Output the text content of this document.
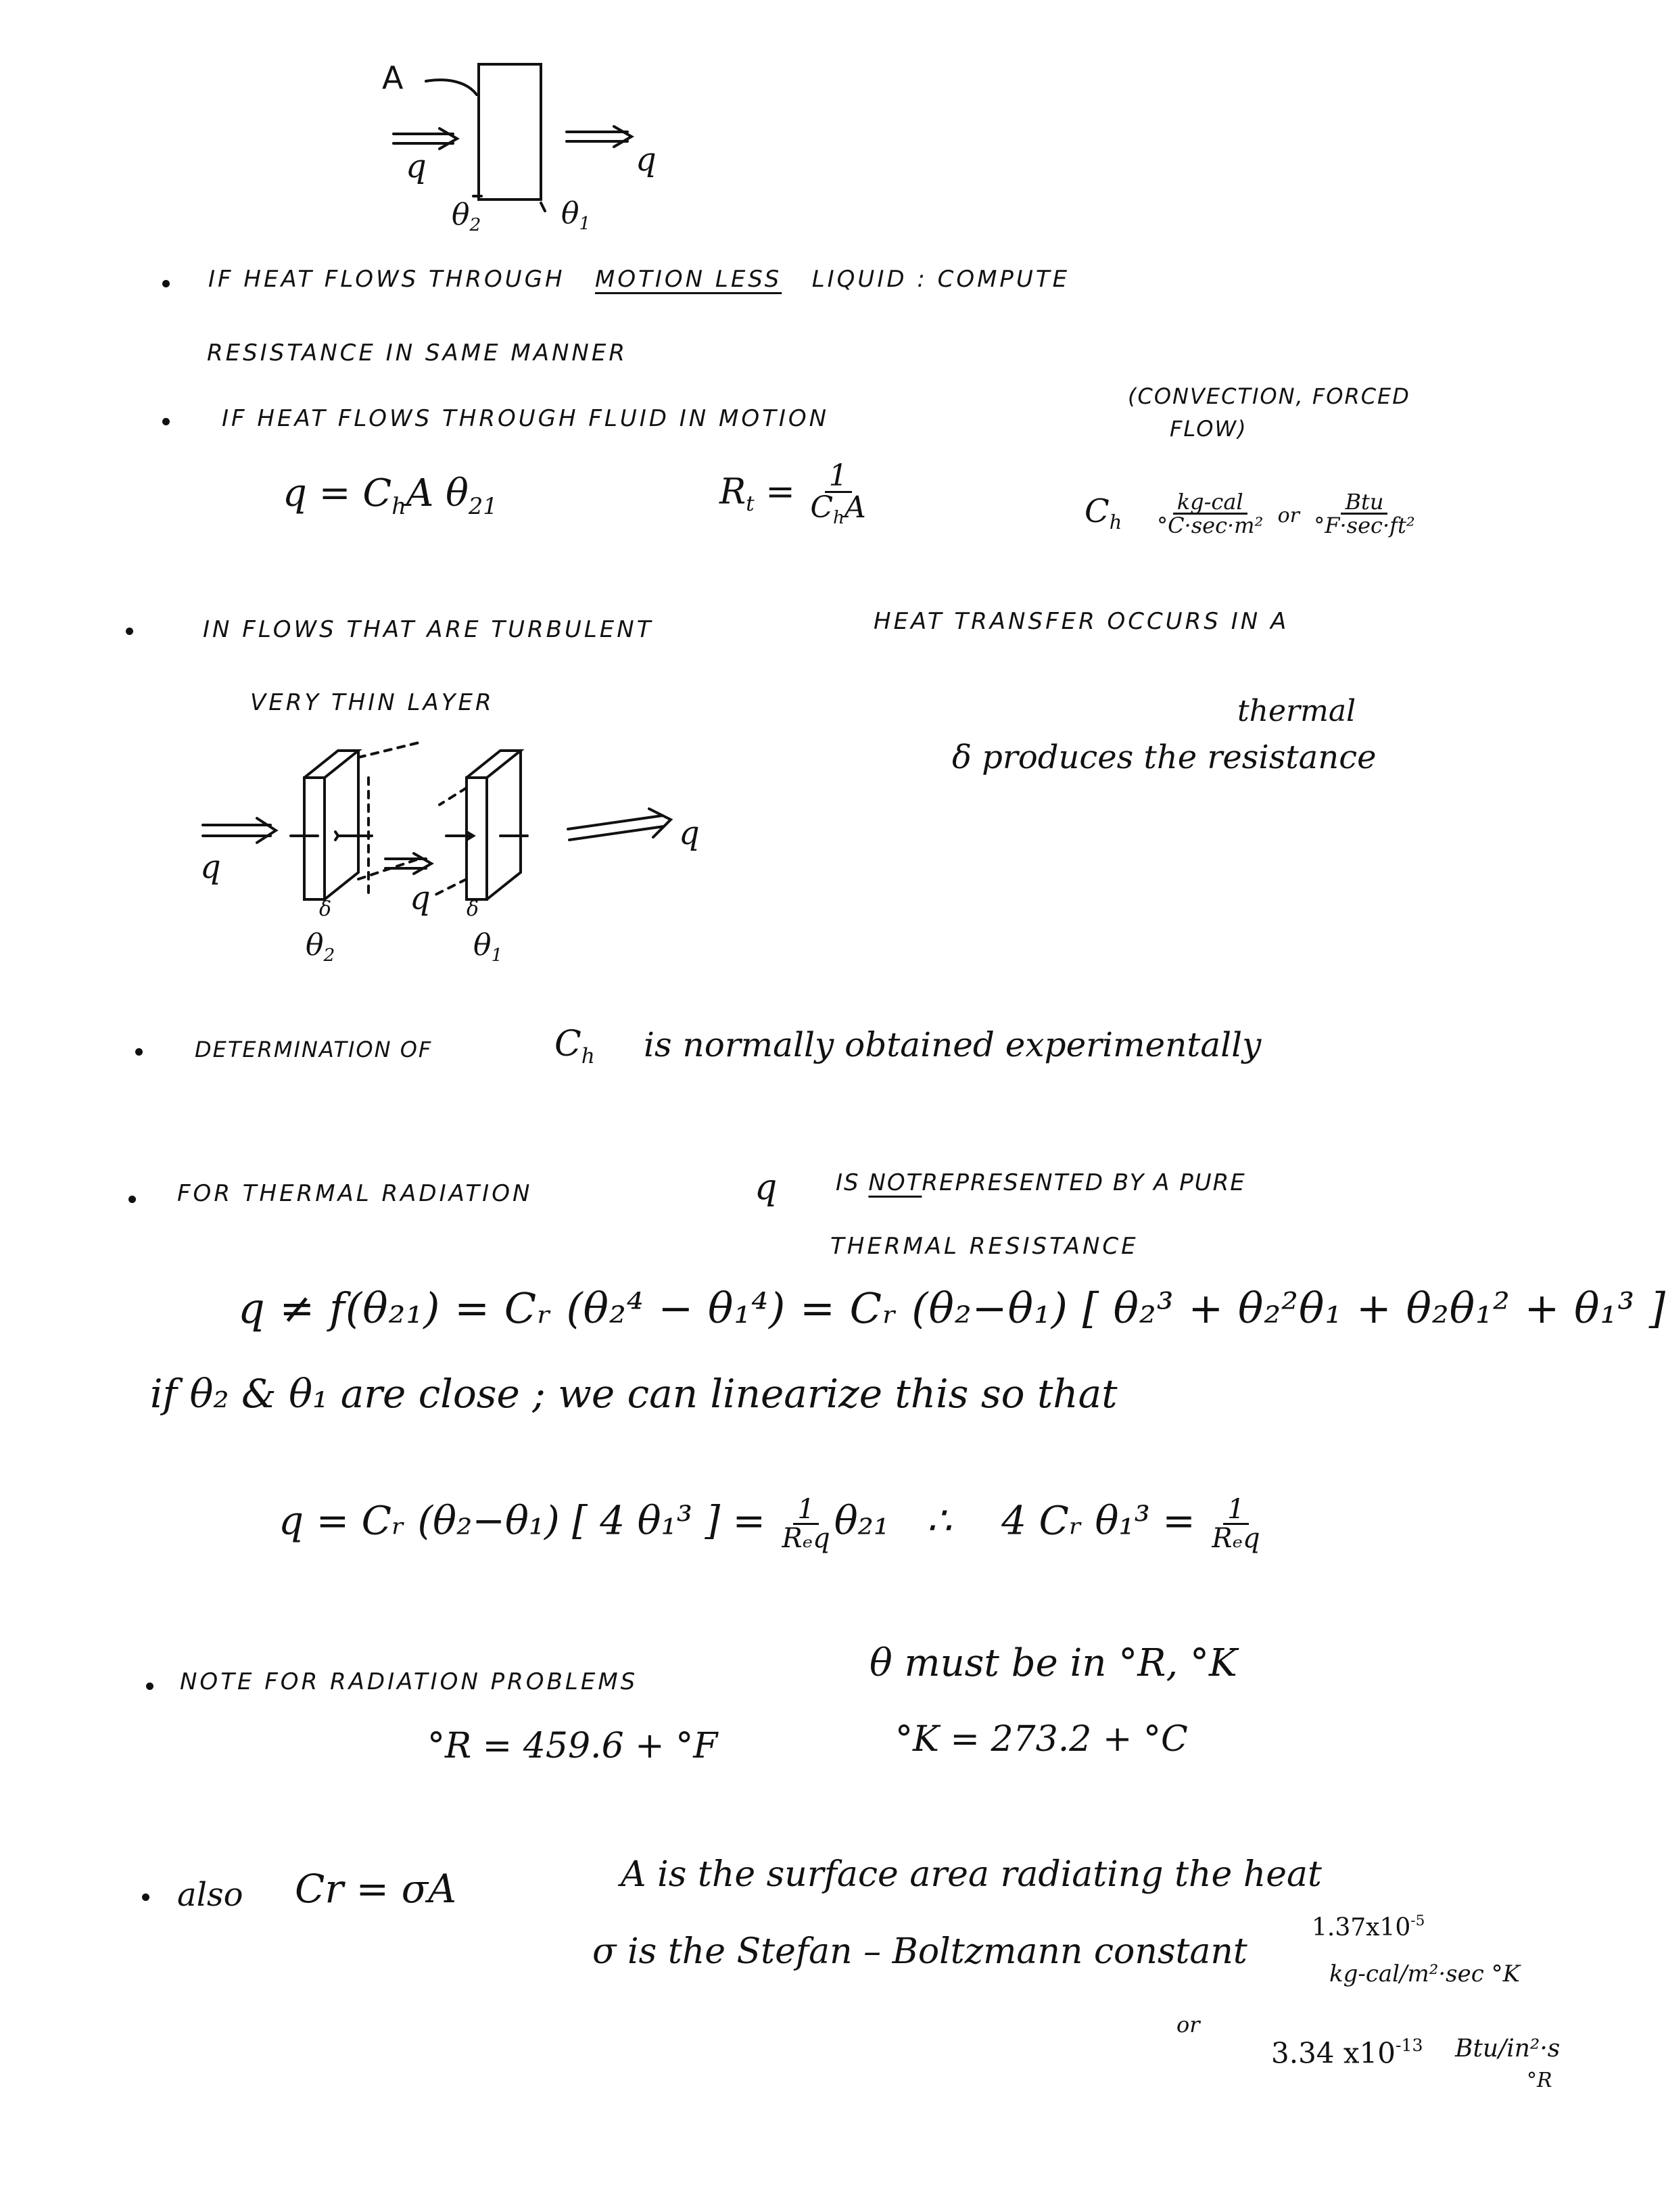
A
q	q
$\theta_2$	$\theta_1$
IF HEAT FLOWS THROUGH MOTION LESS LIQUID : COMPUTE
RESISTANCE IN SAME MANNER
IF HEAT FLOWS THROUGH FLUID IN MOTION
(CONVECTION, FORCED
FLOW)
$q = C_hA$ $\theta_{21}$	$R_t = \frac{1}{C_hA}$	$C_h \frac{\text{kg-cal}}{\text{°C·sec·m²}}$ or $\frac{\text{Btu}}{\text{°F·sec·ft²}}$
IN FLOWS THAT ARE TURBULENT	HEAT TRANSFER OCCURS IN A
VERY THIN LAYER	thermal
δ produces the resistance
q
q
q
δ	δ
$\theta_2$	$\theta_1$
DETERMINATION OF	$C_h$ is normally obtained experimentally
FOR THERMAL RADIATION	q	IS NOTREPRESENTED BY A PURE
THERMAL RESISTANCE
q ≠ f(θ₂₁) = Cᵣ (θ₂⁴ − θ₁⁴) = Cᵣ (θ₂−θ₁) [ θ₂³ + θ₂²θ₁ + θ₂θ₁² + θ₁³ ]
if θ₂ & θ₁ are close ; we can linearize this so that
q = Cᵣ (θ₂−θ₁) [ 4 θ₁³ ] = $\frac{1}{\text{Rₑq}} \theta_{21}$ ∴ 4 Cᵣ $\theta_1^3 = \frac{1}{\text{Rₑq}}$
NOTE FOR RADIATION PROBLEMS	θ must be in °R, °K
°R = 459.6 + °F	°K = 273.2 + °C
also Cr = σA	A is the surface area radiating the heat
σ is the Stefan – Boltzmann constant
$1.37x10^{-5}$
kg-cal/m²·sec °K
or
3.34 $x10^{-13}$ Btu/in²·s
°R
